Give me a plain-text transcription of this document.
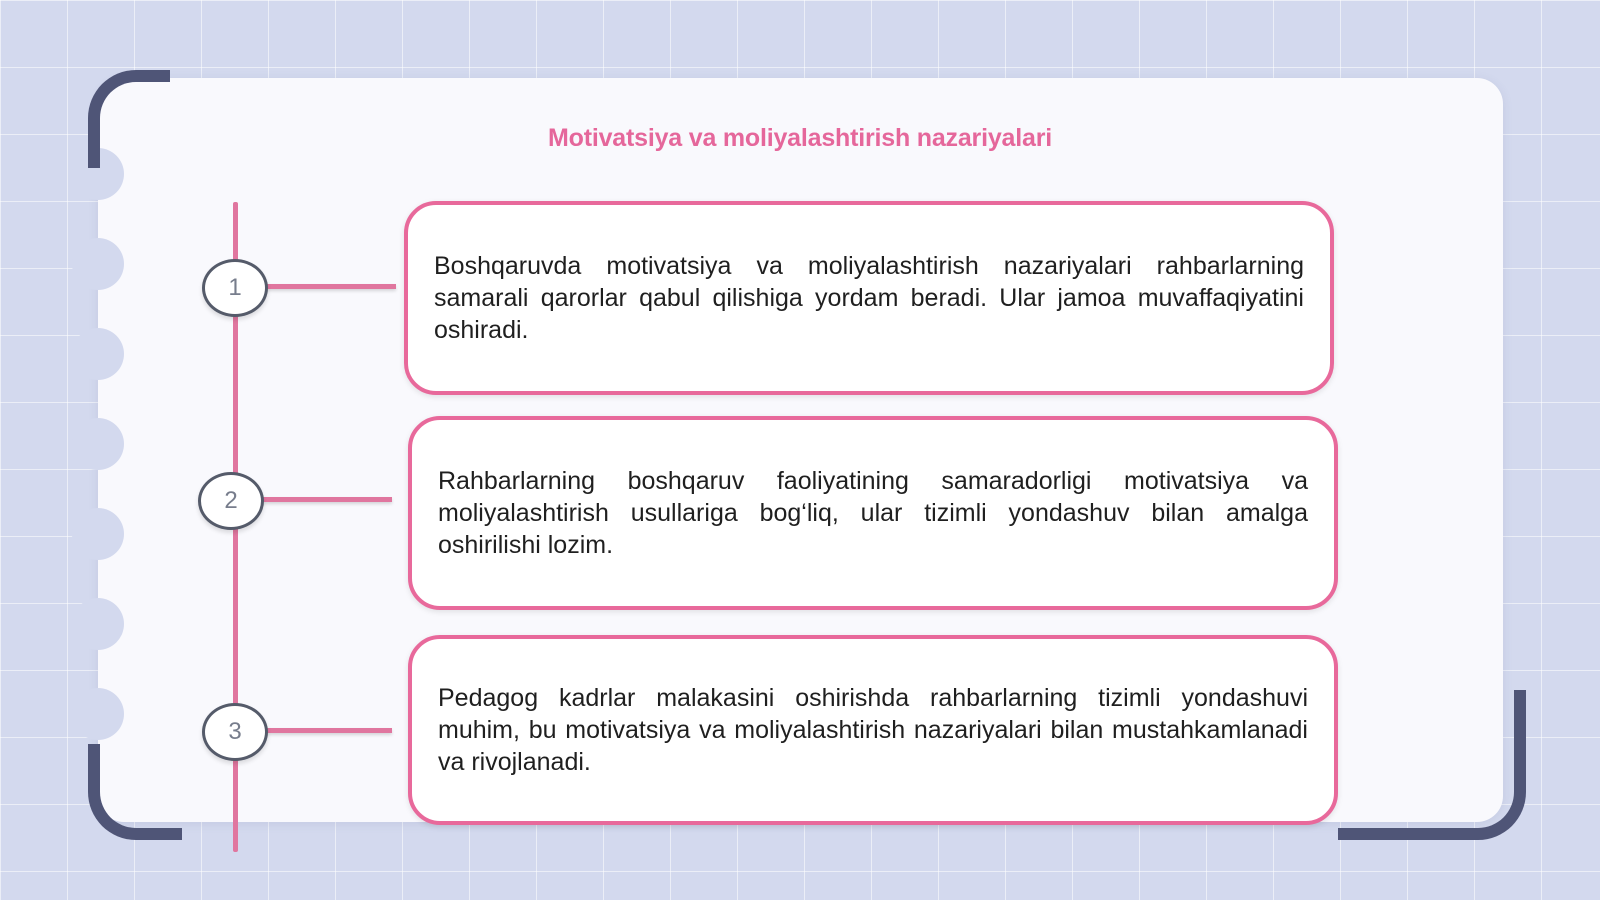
Motivatsiya va moliyalashtirish nazariyalari
1

Boshqaruvda motivatsiya va moliyalashtirish nazariyalari rahbarlarning samarali qarorlar qabul qilishiga yordam beradi. Ular jamoa muvaffaqiyatini oshiradi.

2

Rahbarlarning boshqaruv faoliyatining samaradorligi motivatsiya va moliyalashtirish usullariga bog‘liq, ular tizimli yondashuv bilan amalga oshirilishi lozim.

3

Pedagog kadrlar malakasini oshirishda rahbarlarning tizimli yondashuvi muhim, bu motivatsiya va moliyalashtirish nazariyalari bilan mustahkamlanadi va rivojlanadi.
